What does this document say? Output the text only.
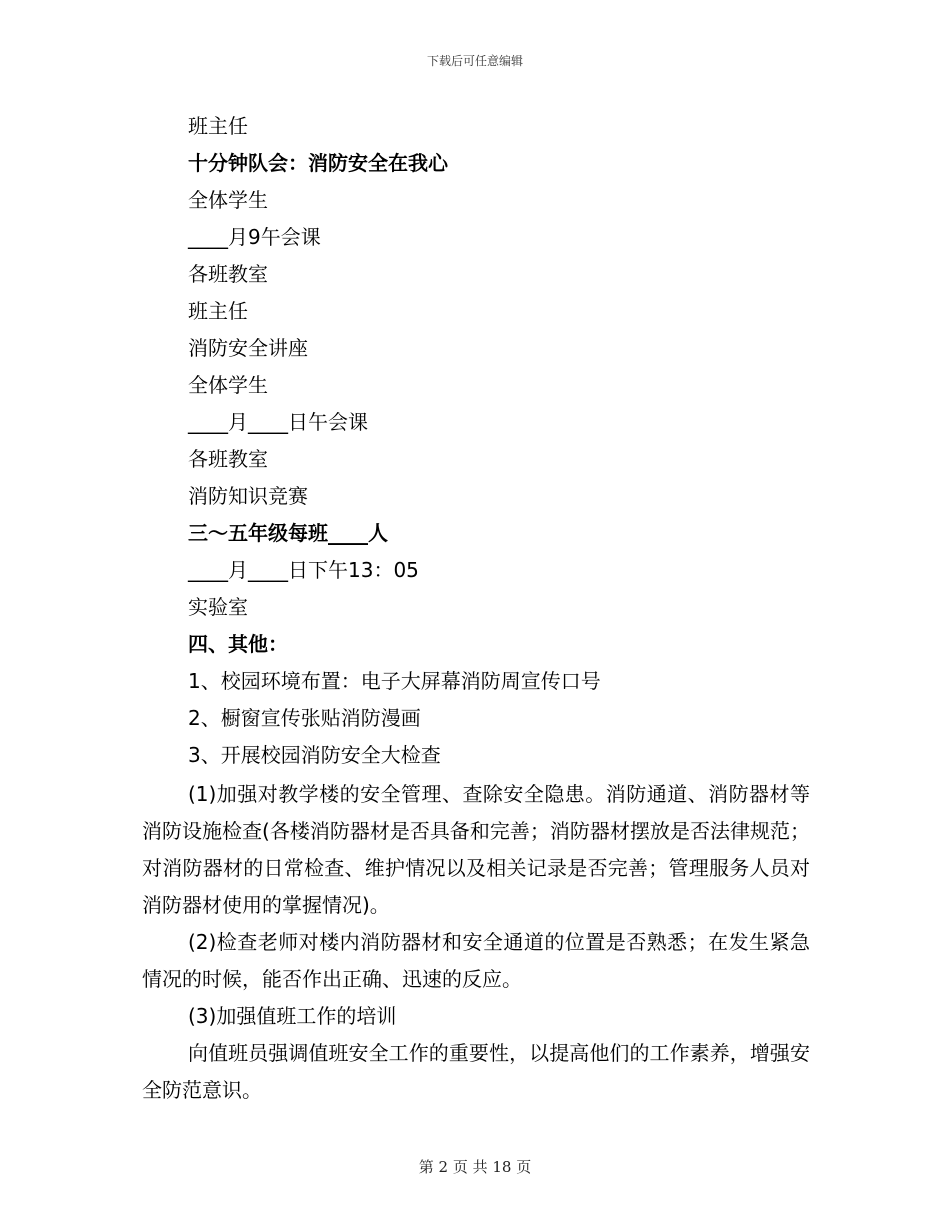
下载后可任意编辑

班主任

十分钟队会：消防安全在我心

全体学生

____月9午会课

各班教室

班主任

消防安全讲座

全体学生

____月____日午会课

各班教室

消防知识竞赛

三～五年级每班____人

____月____日下午13：05

实验室

四、其他：

1、校园环境布置：电子大屏幕消防周宣传口号

2、橱窗宣传张贴消防漫画

3、开展校园消防安全大检查

(1)加强对教学楼的安全管理、查除安全隐患。消防通道、消防器材等消防设施检查(各楼消防器材是否具备和完善；消防器材摆放是否法律规范；对消防器材的日常检查、维护情况以及相关记录是否完善；管理服务人员对消防器材使用的掌握情况)。

(2)检查老师对楼内消防器材和安全通道的位置是否熟悉；在发生紧急情况的时候，能否作出正确、迅速的反应。

(3)加强值班工作的培训

向值班员强调值班安全工作的重要性，以提高他们的工作素养，增强安全防范意识。

第 2 页 共 18 页
